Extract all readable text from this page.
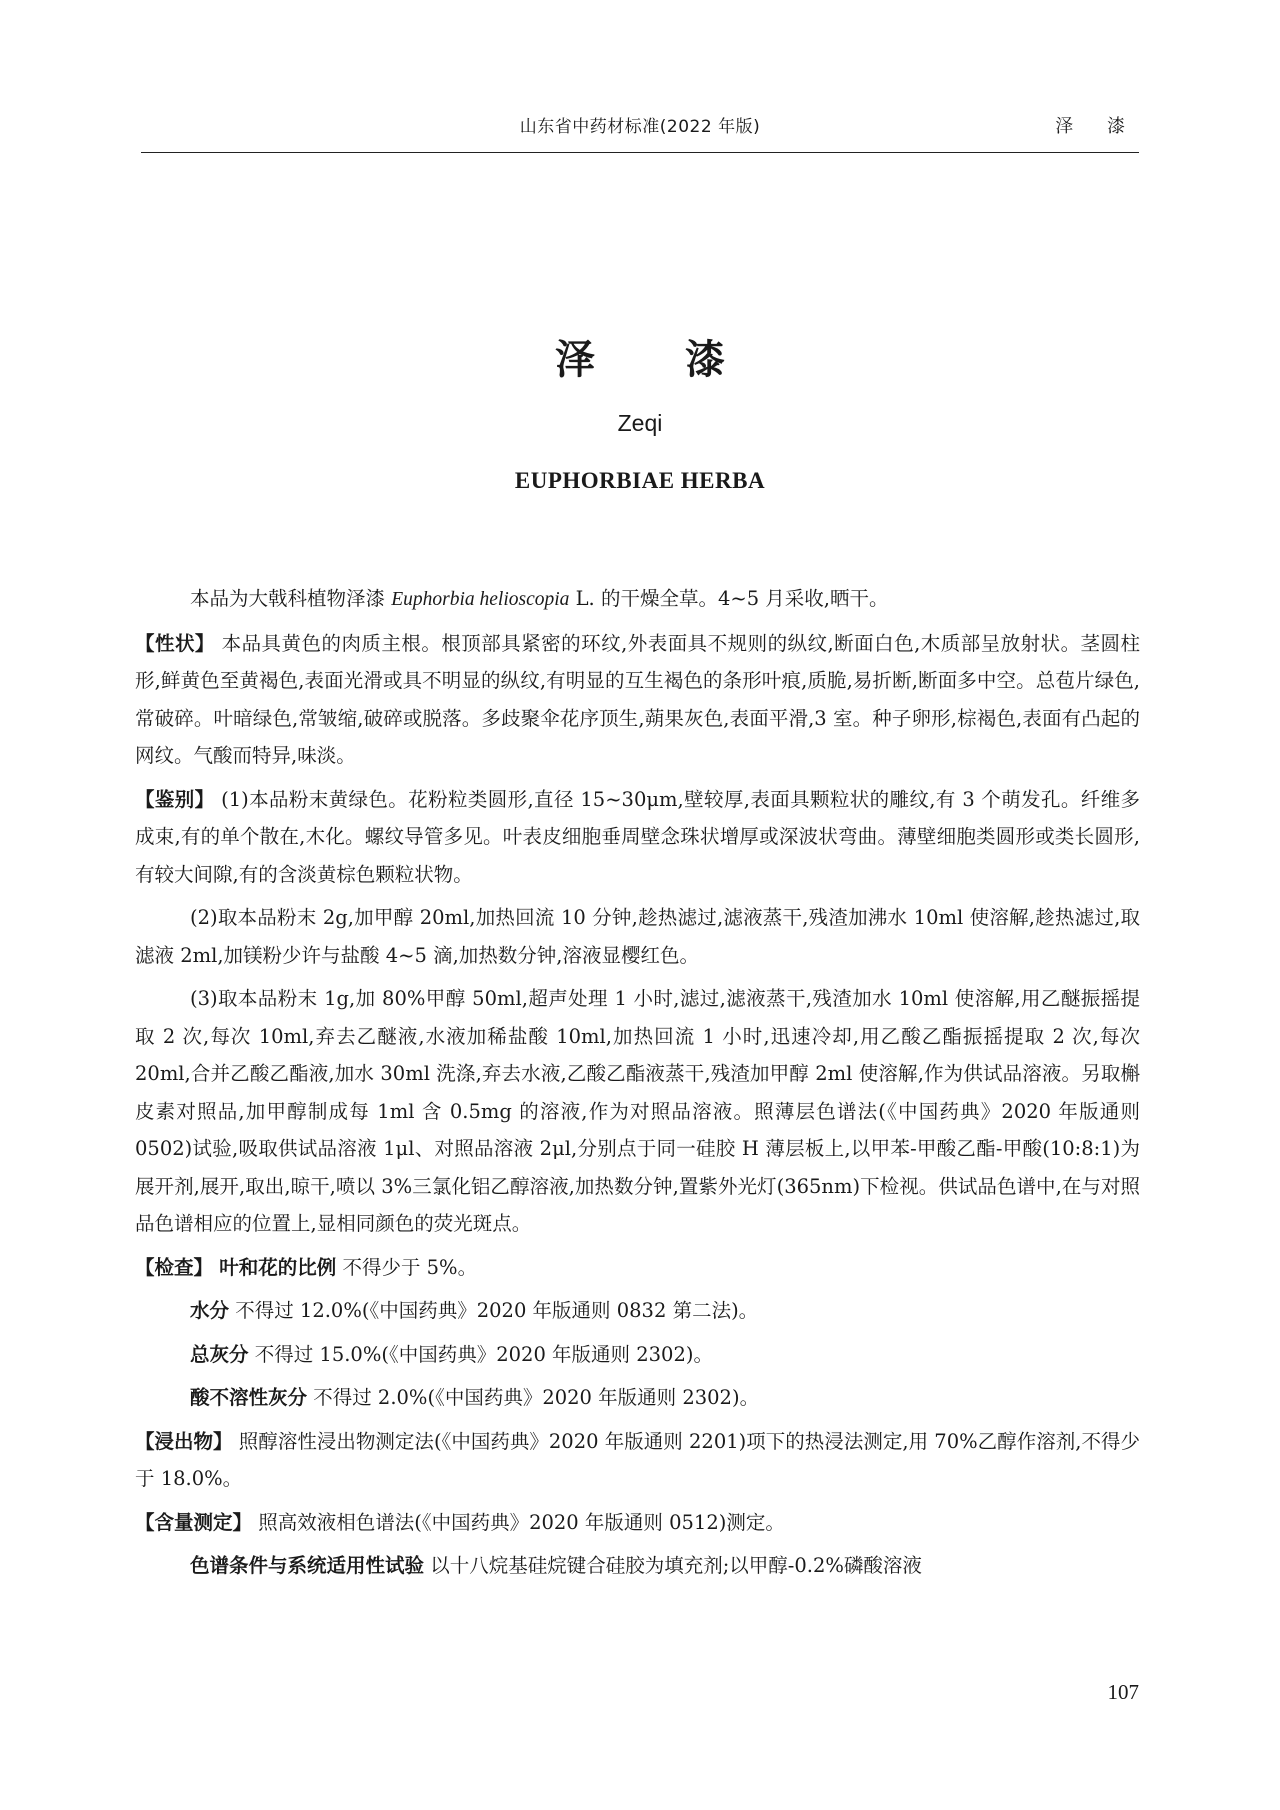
山东省中药材标准(2022 年版)	泽 漆
泽 漆
Zeqi
EUPHORBIAE HERBA

本品为大戟科植物泽漆 Euphorbia helioscopia L. 的干燥全草。4~5 月采收,晒干。

【性状】 本品具黄色的肉质主根。根顶部具紧密的环纹,外表面具不规则的纵纹,断面白色,木质部呈放射状。茎圆柱形,鲜黄色至黄褐色,表面光滑或具不明显的纵纹,有明显的互生褐色的条形叶痕,质脆,易折断,断面多中空。总苞片绿色,常破碎。叶暗绿色,常皱缩,破碎或脱落。多歧聚伞花序顶生,蒴果灰色,表面平滑,3 室。种子卵形,棕褐色,表面有凸起的网纹。气酸而特异,味淡。

【鉴别】 (1)本品粉末黄绿色。花粉粒类圆形,直径 15~30μm,壁较厚,表面具颗粒状的雕纹,有 3 个萌发孔。纤维多成束,有的单个散在,木化。螺纹导管多见。叶表皮细胞垂周壁念珠状增厚或深波状弯曲。薄壁细胞类圆形或类长圆形,有较大间隙,有的含淡黄棕色颗粒状物。

(2)取本品粉末 2g,加甲醇 20ml,加热回流 10 分钟,趁热滤过,滤液蒸干,残渣加沸水 10ml 使溶解,趁热滤过,取滤液 2ml,加镁粉少许与盐酸 4~5 滴,加热数分钟,溶液显樱红色。

(3)取本品粉末 1g,加 80%甲醇 50ml,超声处理 1 小时,滤过,滤液蒸干,残渣加水 10ml 使溶解,用乙醚振摇提取 2 次,每次 10ml,弃去乙醚液,水液加稀盐酸 10ml,加热回流 1 小时,迅速冷却,用乙酸乙酯振摇提取 2 次,每次 20ml,合并乙酸乙酯液,加水 30ml 洗涤,弃去水液,乙酸乙酯液蒸干,残渣加甲醇 2ml 使溶解,作为供试品溶液。另取槲皮素对照品,加甲醇制成每 1ml 含 0.5mg 的溶液,作为对照品溶液。照薄层色谱法(《中国药典》2020 年版通则 0502)试验,吸取供试品溶液 1μl、对照品溶液 2μl,分别点于同一硅胶 H 薄层板上,以甲苯-甲酸乙酯-甲酸(10:8:1)为展开剂,展开,取出,晾干,喷以 3%三氯化铝乙醇溶液,加热数分钟,置紫外光灯(365nm)下检视。供试品色谱中,在与对照品色谱相应的位置上,显相同颜色的荧光斑点。

【检查】 叶和花的比例 不得少于 5%。

水分 不得过 12.0%(《中国药典》2020 年版通则 0832 第二法)。

总灰分 不得过 15.0%(《中国药典》2020 年版通则 2302)。

酸不溶性灰分 不得过 2.0%(《中国药典》2020 年版通则 2302)。

【浸出物】 照醇溶性浸出物测定法(《中国药典》2020 年版通则 2201)项下的热浸法测定,用 70%乙醇作溶剂,不得少于 18.0%。

【含量测定】 照高效液相色谱法(《中国药典》2020 年版通则 0512)测定。

色谱条件与系统适用性试验 以十八烷基硅烷键合硅胶为填充剂;以甲醇-0.2%磷酸溶液

107
